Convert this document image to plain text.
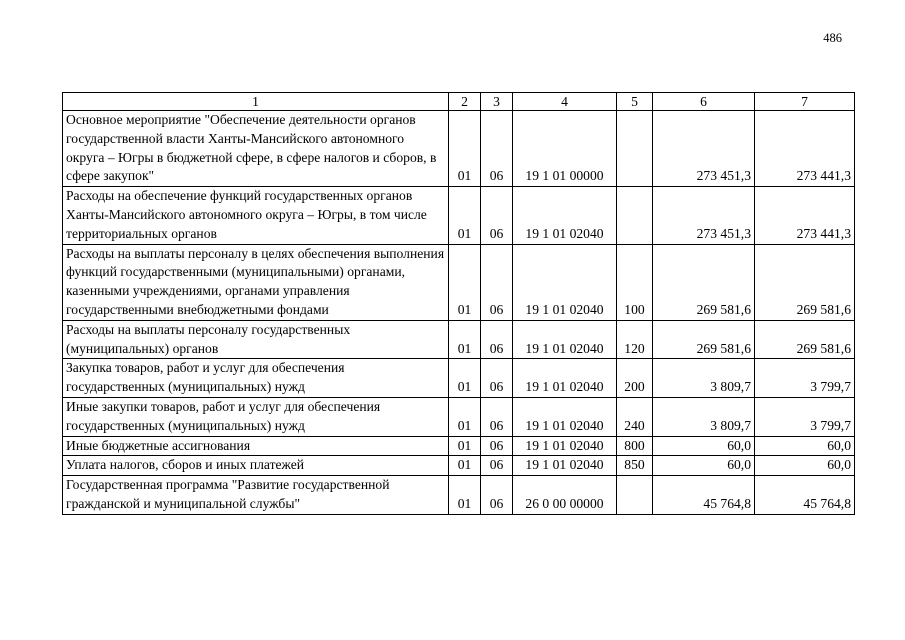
486
1	2	3	4	5	6	7
Основное мероприятие "Обеспечение деятельности органов государственной власти Ханты-Мансийского автономного округа – Югры в бюджетной сфере, в сфере налогов и сборов, в сфере закупок"	01	06	19 1 01 00000		273 451,3	273 441,3
Расходы на обеспечение функций государственных органов Ханты-Мансийского автономного округа – Югры, в том числе территориальных органов	01	06	19 1 01 02040		273 451,3	273 441,3
Расходы на выплаты персоналу в целях обеспечения выполнения функций государственными (муниципальными) органами, казенными учреждениями, органами управления государственными внебюджетными фондами	01	06	19 1 01 02040	100	269 581,6	269 581,6
Расходы на выплаты персоналу государственных (муниципальных) органов	01	06	19 1 01 02040	120	269 581,6	269 581,6
Закупка товаров, работ и услуг для обеспечения государственных (муниципальных) нужд	01	06	19 1 01 02040	200	3 809,7	3 799,7
Иные закупки товаров, работ и услуг для обеспечения государственных (муниципальных) нужд	01	06	19 1 01 02040	240	3 809,7	3 799,7
Иные бюджетные ассигнования	01	06	19 1 01 02040	800	60,0	60,0
Уплата налогов, сборов и иных платежей	01	06	19 1 01 02040	850	60,0	60,0
Государственная программа "Развитие государственной гражданской и муниципальной службы"	01	06	26 0 00 00000		45 764,8	45 764,8
